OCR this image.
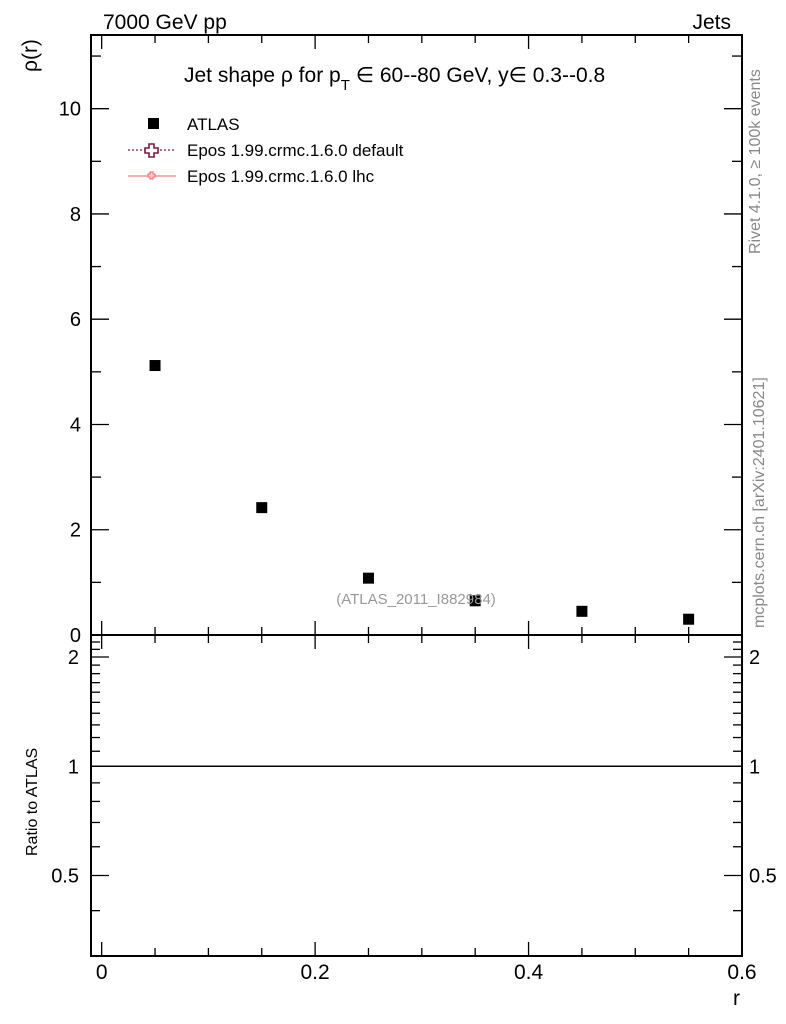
7000 GeV pp	Jets
Rivet 4.1.0, ≥ 100k events
mcplots.cern.ch [arXiv:2401.10621]
0
2
4
6
8
10
ρ(r)
Jet shape ρ for $p_T$ ∈ 60--80 GeV, y∈ 0.3--0.8
ATLAS
Epos 1.99.crmc.1.6.0 default
Epos 1.99.crmc.1.6.0 lhc
(ATLAS_2011_I882984)
0.5	0.5
1	1
2	2
0	0.2	0.4	0.6
Ratio to ATLAS
r
